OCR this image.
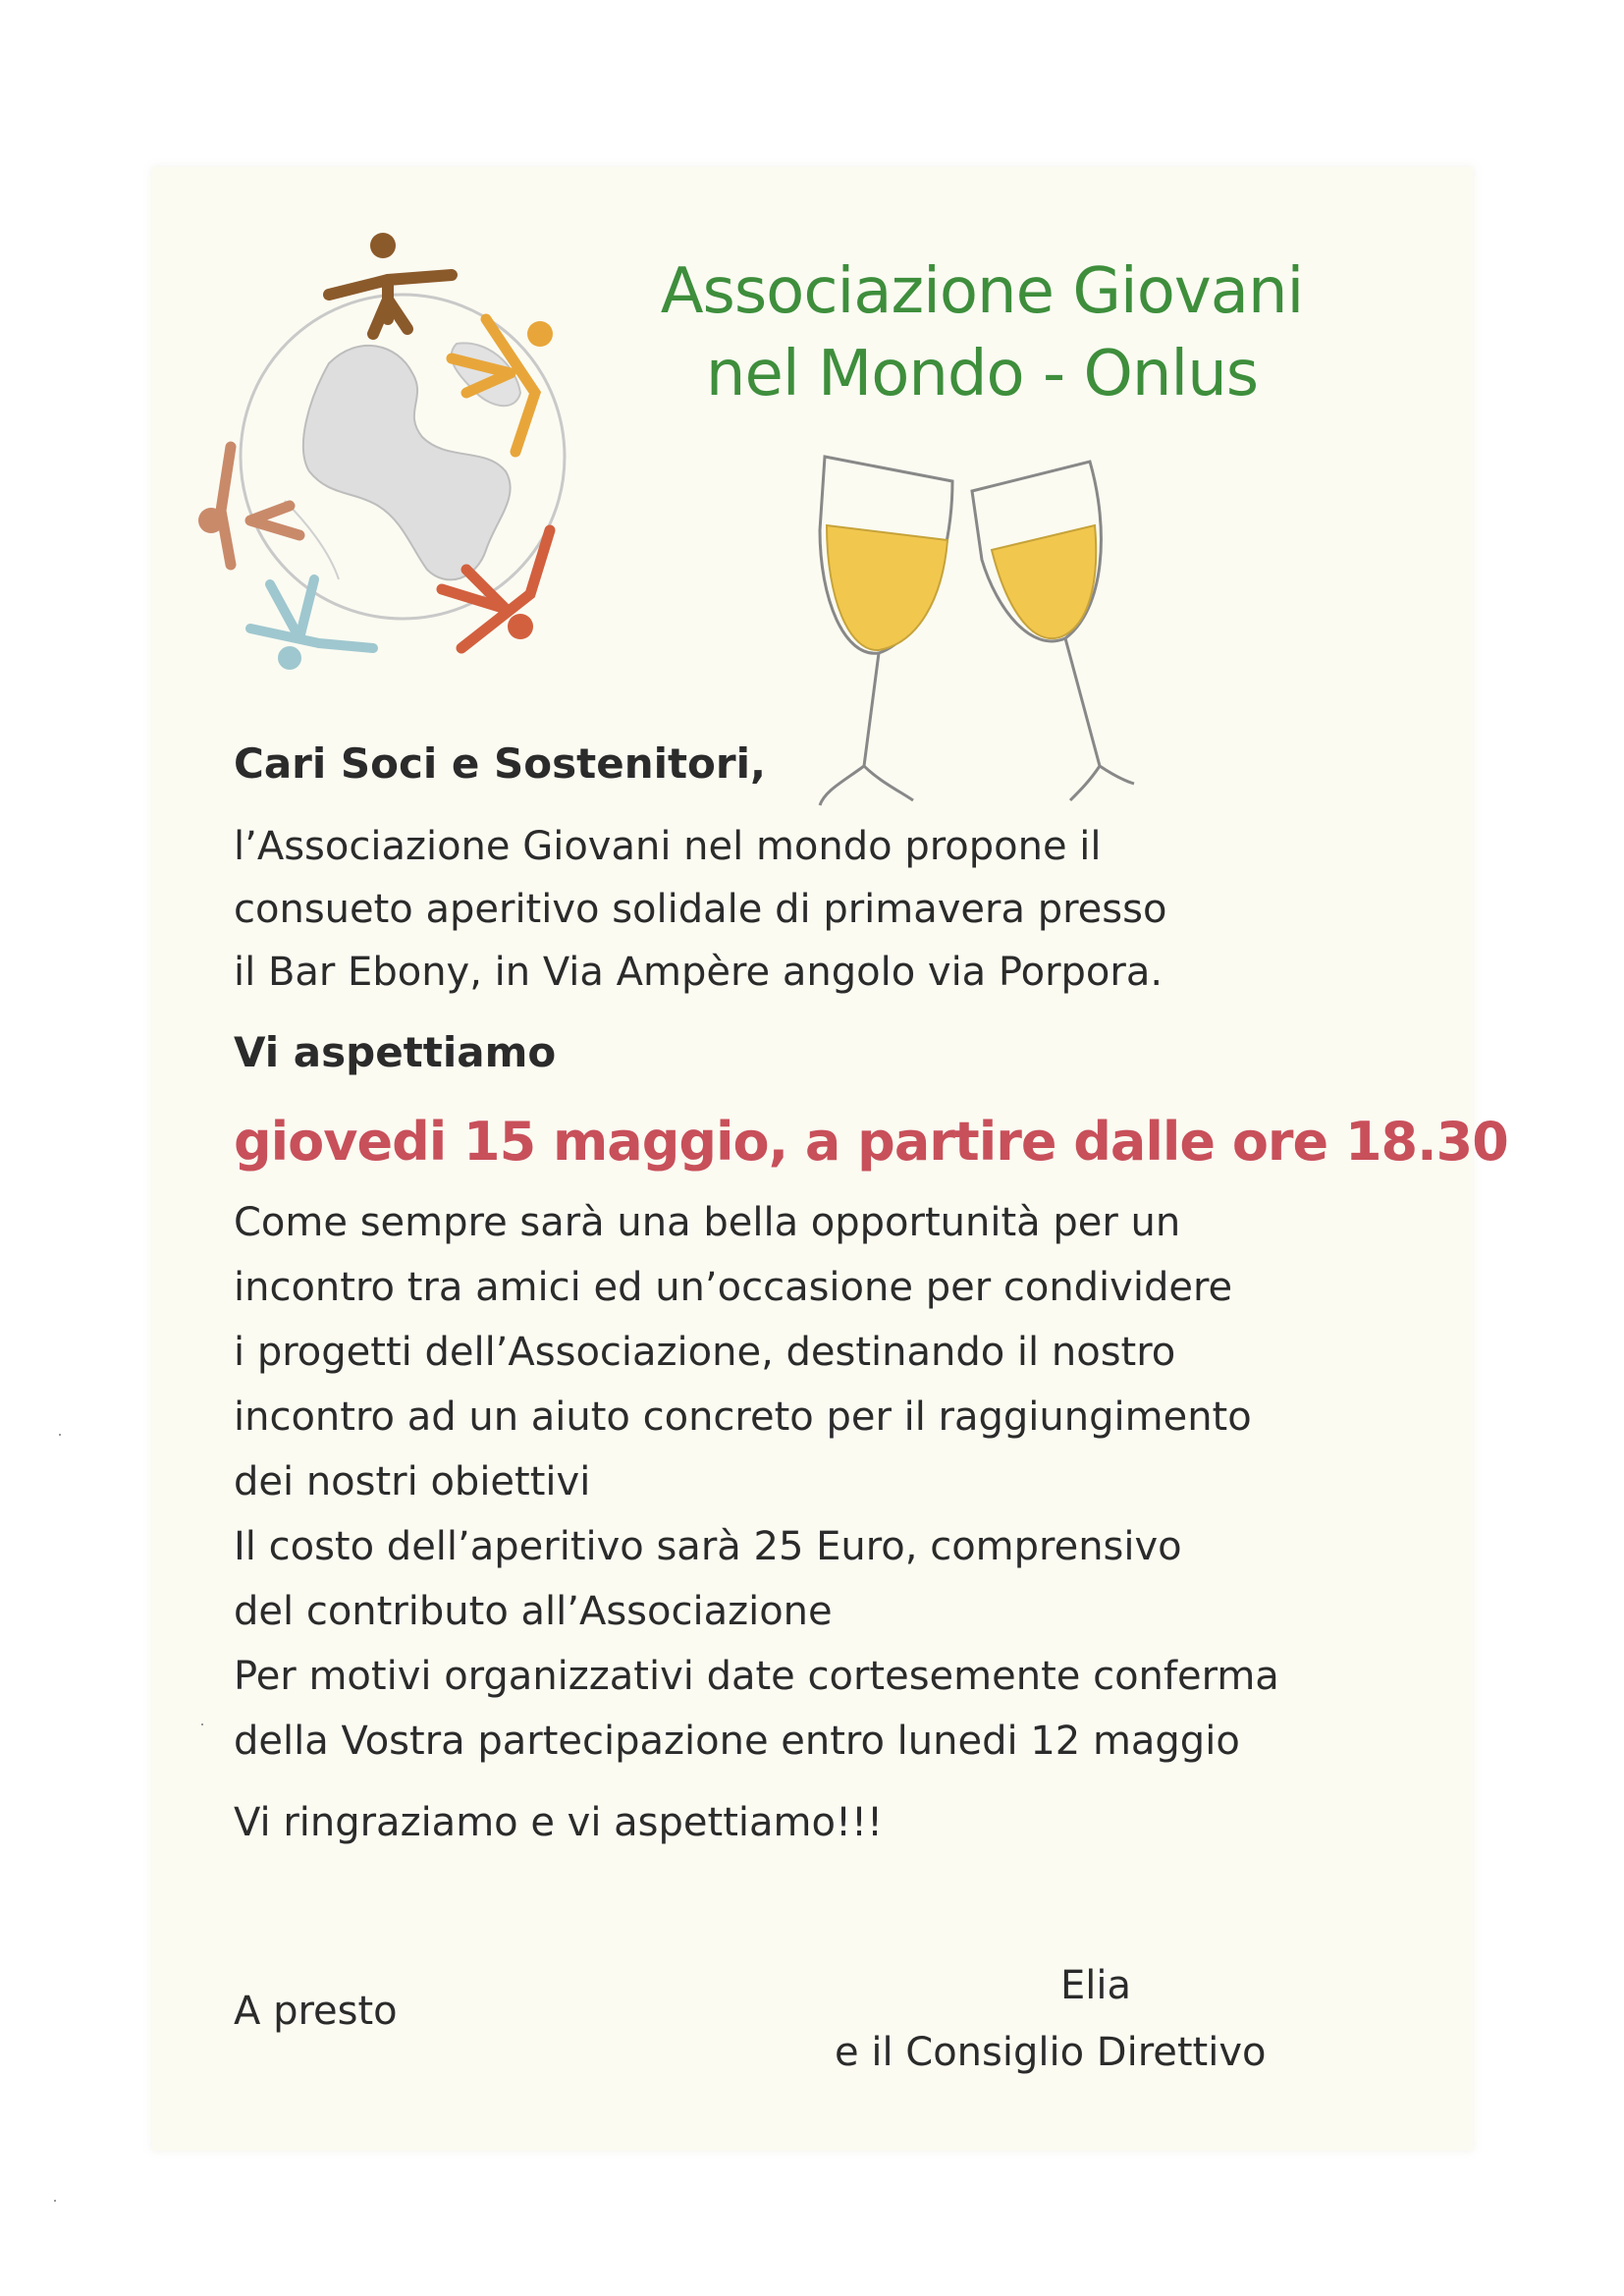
Associazione Giovani
nel Mondo - Onlus
Cari Soci e Sostenitori,
l’Associazione Giovani nel mondo propone il
consueto aperitivo solidale di primavera presso
il Bar Ebony, in Via Ampère angolo via Porpora.
Vi aspettiamo
giovedi 15 maggio, a partire dalle ore 18.30
Come sempre sarà una bella opportunità per un
incontro tra amici ed un’occasione per condividere
i progetti dell’Associazione, destinando il nostro
incontro ad un aiuto concreto per il raggiungimento
dei nostri obiettivi
Il costo dell’aperitivo sarà 25 Euro, comprensivo
del contributo all’Associazione
Per motivi organizzativi date cortesemente conferma
della Vostra partecipazione entro lunedi 12 maggio
Vi ringraziamo e vi aspettiamo!!!
A presto
Elia
e il Consiglio Direttivo
